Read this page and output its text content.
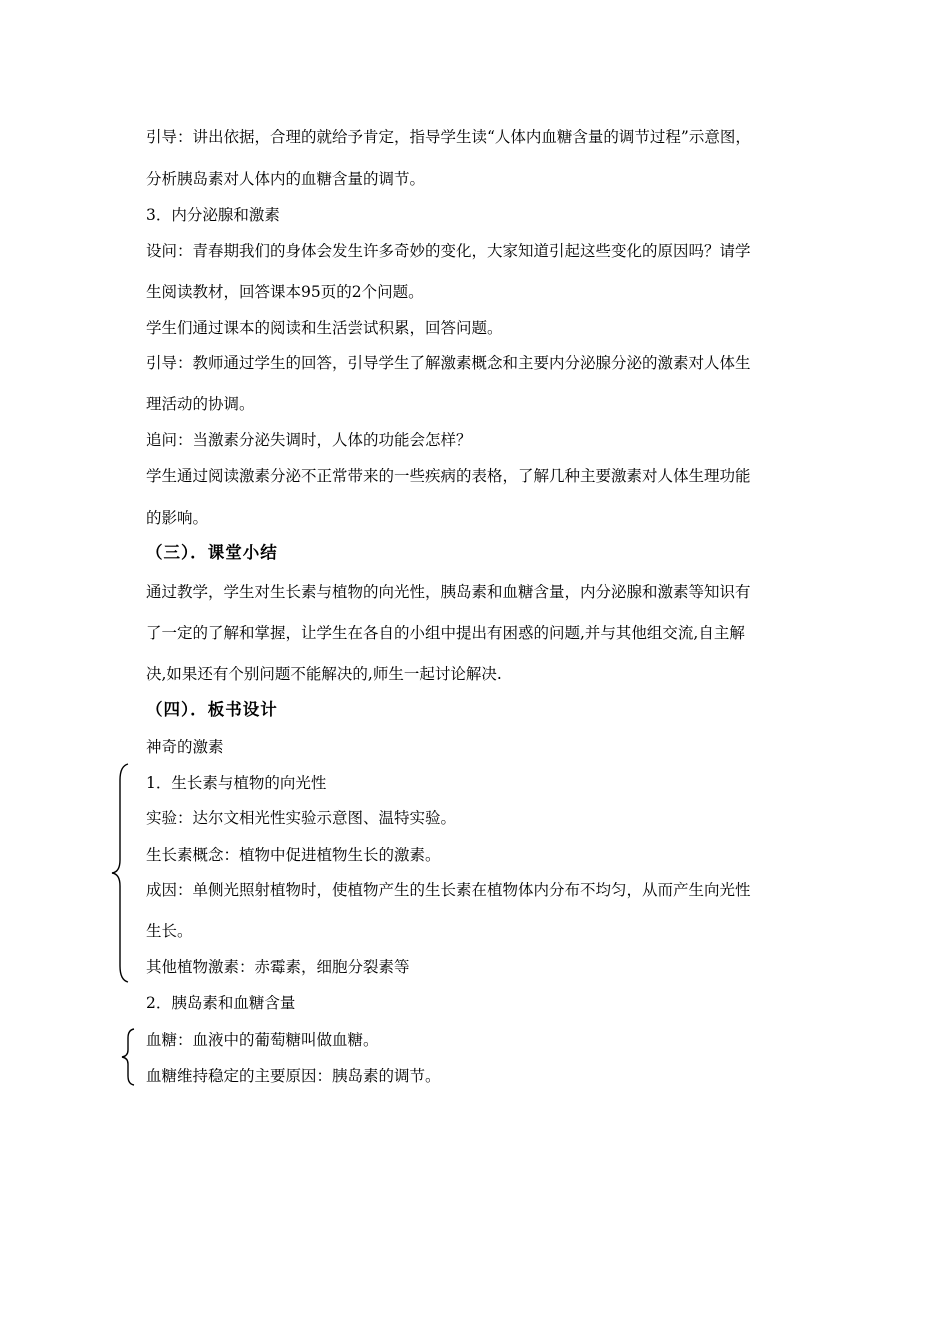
引导：讲出依据，合理的就给予肯定，指导学生读“人体内血糖含量的调节过程”示意图，
分析胰岛素对人体内的血糖含量的调节。
3．内分泌腺和激素
设问：青春期我们的身体会发生许多奇妙的变化，大家知道引起这些变化的原因吗？请学
生阅读教材，回答课本95页的2个问题。
学生们通过课本的阅读和生活尝试积累，回答问题。
引导：教师通过学生的回答，引导学生了解激素概念和主要内分泌腺分泌的激素对人体生
理活动的协调。
追问：当激素分泌失调时，人体的功能会怎样？
学生通过阅读激素分泌不正常带来的一些疾病的表格，了解几种主要激素对人体生理功能
的影响。
（三）．课堂小结
通过教学，学生对生长素与植物的向光性，胰岛素和血糖含量，内分泌腺和激素等知识有
了一定的了解和掌握，让学生在各自的小组中提出有困惑的问题,并与其他组交流,自主解
决,如果还有个别问题不能解决的,师生一起讨论解决.
（四）．板书设计
神奇的激素
1．生长素与植物的向光性
实验：达尔文相光性实验示意图、温特实验。
生长素概念：植物中促进植物生长的激素。
成因：单侧光照射植物时，使植物产生的生长素在植物体内分布不均匀，从而产生向光性
生长。
其他植物激素：赤霉素，细胞分裂素等
2．胰岛素和血糖含量
血糖：血液中的葡萄糖叫做血糖。
血糖维持稳定的主要原因：胰岛素的调节。
